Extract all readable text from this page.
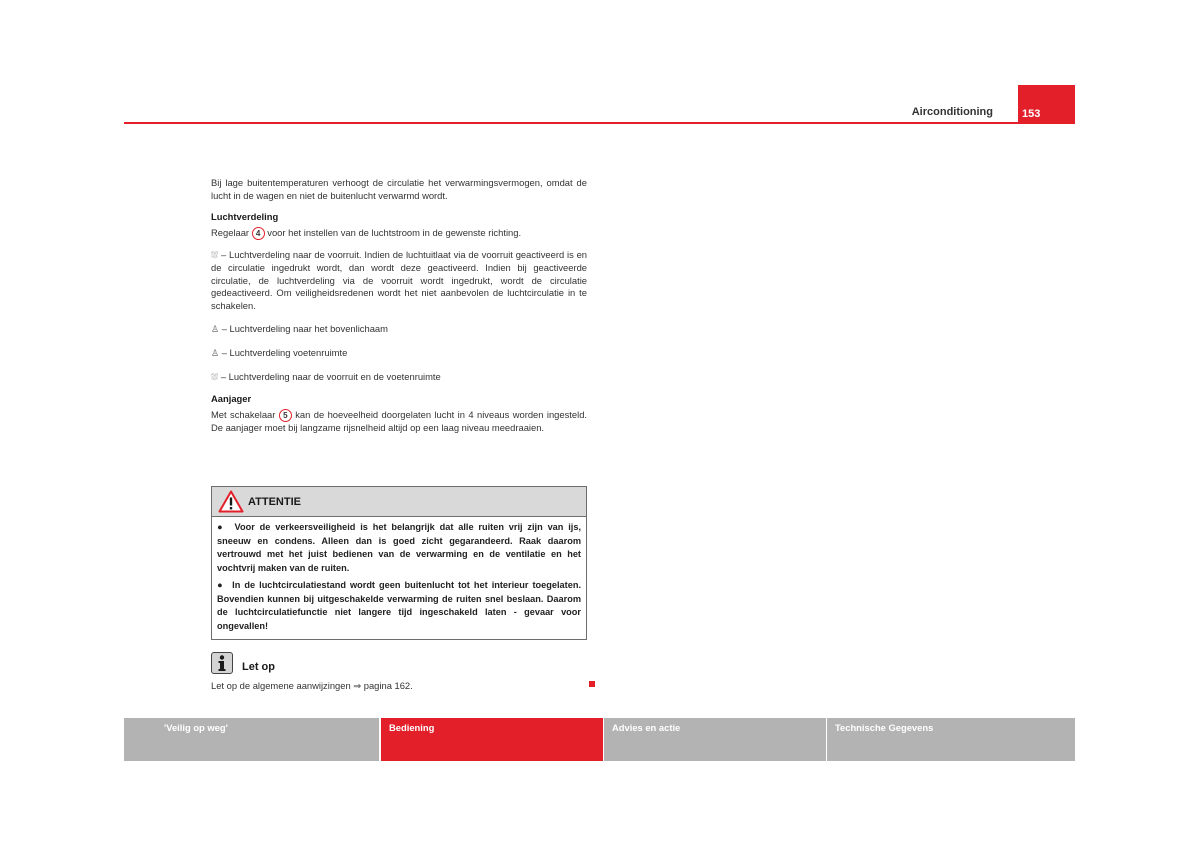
Airconditioning	153

Bij lage buitentemperaturen verhoogt de circulatie het verwarmingsvermogen, omdat de lucht in de wagen en niet de buitenlucht verwarmd wordt.

Luchtverdeling

Regelaar 4 voor het instellen van de luchtstroom in de gewenste richting.

⛆ – Luchtverdeling naar de voorruit. Indien de luchtuitlaat via de voorruit geactiveerd is en de circulatie ingedrukt wordt, dan wordt deze geactiveerd. Indien bij geactiveerde circulatie, de luchtverdeling via de voorruit wordt ingedrukt, wordt de circulatie gedeactiveerd. Om veiligheidsredenen wordt het niet aanbevolen de luchtcirculatie in te schakelen.

♙ – Luchtverdeling naar het bovenlichaam

♙ – Luchtverdeling voetenruimte

⛆ – Luchtverdeling naar de voorruit en de voetenruimte

Aanjager

Met schakelaar 5 kan de hoeveelheid doorgelaten lucht in 4 niveaus worden ingesteld. De aanjager moet bij langzame rijsnelheid altijd op een laag niveau meedraaien.

ATTENTIE

●  Voor de verkeersveiligheid is het belangrijk dat alle ruiten vrij zijn van ijs, sneeuw en condens. Alleen dan is goed zicht gegarandeerd. Raak daarom vertrouwd met het juist bedienen van de verwarming en de ventilatie en het vochtvrij maken van de ruiten.

●  In de luchtcirculatiestand wordt geen buitenlucht tot het interieur toegelaten. Bovendien kunnen bij uitgeschakelde verwarming de ruiten snel beslaan. Daarom de luchtcirculatiefunctie niet langere tijd ingeschakeld laten - gevaar voor ongevallen!

Let op
Let op de algemene aanwijzingen ⇒ pagina 162.
'Veilig op weg'	Bediening	Advies en actie	Technische Gegevens
